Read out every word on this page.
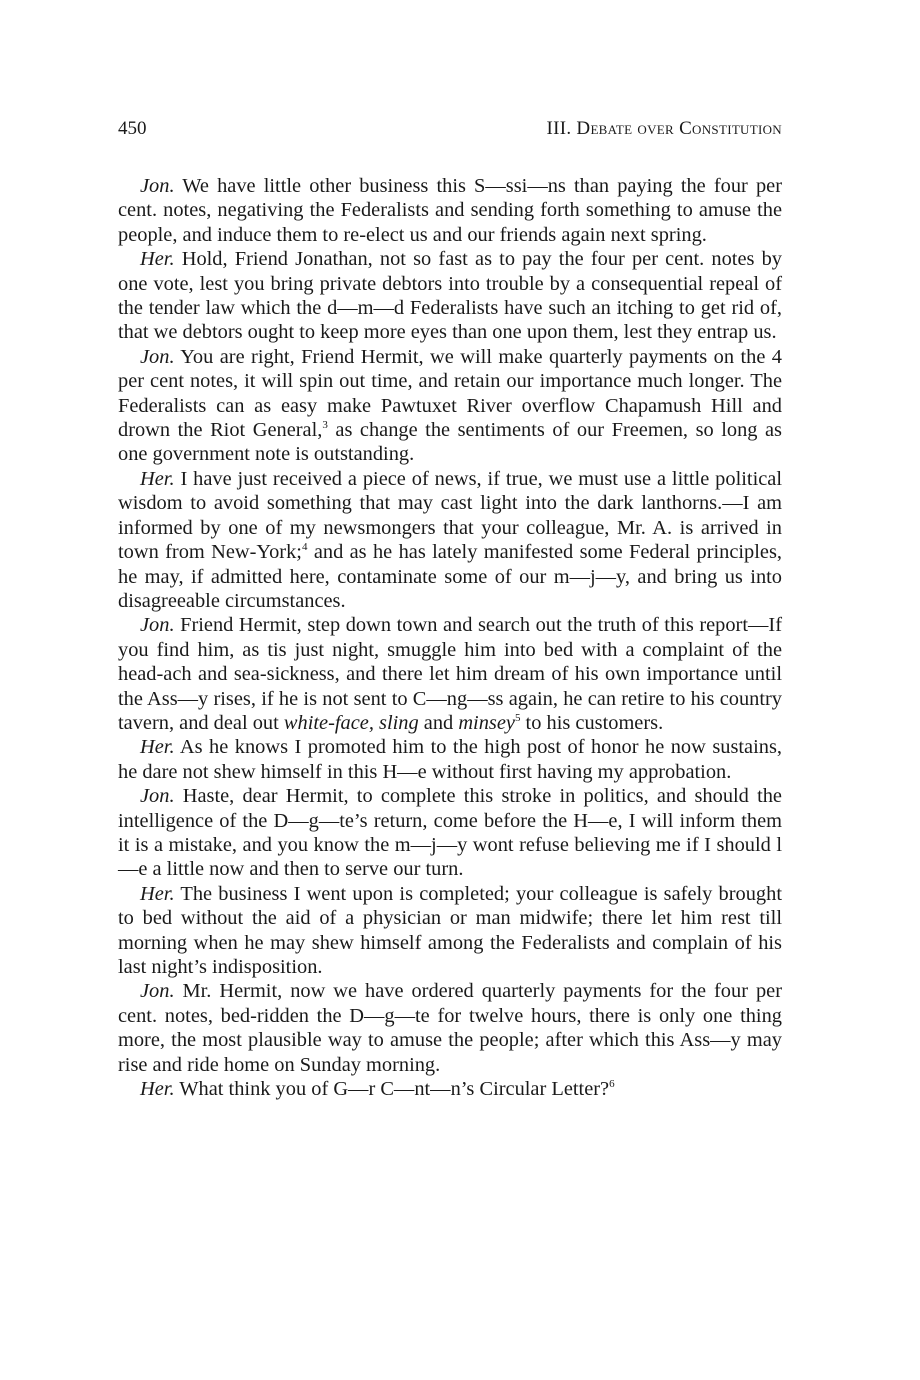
450	III. Debate over Constitution

Jon. We have little other business this S—ssi—ns than paying the four per cent. notes, negativing the Federalists and sending forth something to amuse the people, and induce them to re-elect us and our friends again next spring.

Her. Hold, Friend Jonathan, not so fast as to pay the four per cent. notes by one vote, lest you bring private debtors into trouble by a consequential repeal of the tender law which the d—m—d Federalists have such an itching to get rid of, that we debtors ought to keep more eyes than one upon them, lest they entrap us.

Jon. You are right, Friend Hermit, we will make quarterly payments on the 4 per cent notes, it will spin out time, and retain our importance much longer. The Federalists can as easy make Pawtuxet River overflow Chapamush Hill and drown the Riot General,$^3$ as change the sentiments of our Freemen, so long as one government note is outstanding.

Her. I have just received a piece of news, if true, we must use a little political wisdom to avoid something that may cast light into the dark lanthorns.—I am informed by one of my newsmongers that your colleague, Mr. A. is arrived in town from New-York;$^4$ and as he has lately manifested some Federal principles, he may, if admitted here, contaminate some of our m—j—y, and bring us into disagreeable circumstances.

Jon. Friend Hermit, step down town and search out the truth of this report—If you find him, as tis just night, smuggle him into bed with a complaint of the head-ach and sea-sickness, and there let him dream of his own importance until the Ass—y rises, if he is not sent to C—ng—ss again, he can retire to his country tavern, and deal out white-face, sling and minsey$^5$ to his customers.

Her. As he knows I promoted him to the high post of honor he now sustains, he dare not shew himself in this H—e without first having my approbation.

Jon. Haste, dear Hermit, to complete this stroke in politics, and should the intelligence of the D—g—te’s return, come before the H—e, I will inform them it is a mistake, and you know the m—j—y wont refuse believing me if I should l—e a little now and then to serve our turn.

Her. The business I went upon is completed; your colleague is safely brought to bed without the aid of a physician or man midwife; there let him rest till morning when he may shew himself among the Federalists and complain of his last night’s indisposition.

Jon. Mr. Hermit, now we have ordered quarterly payments for the four per cent. notes, bed-ridden the D—g—te for twelve hours, there is only one thing more, the most plausible way to amuse the people; after which this Ass—y may rise and ride home on Sunday morning.

Her. What think you of G—r C—nt—n’s Circular Letter?$^6$
